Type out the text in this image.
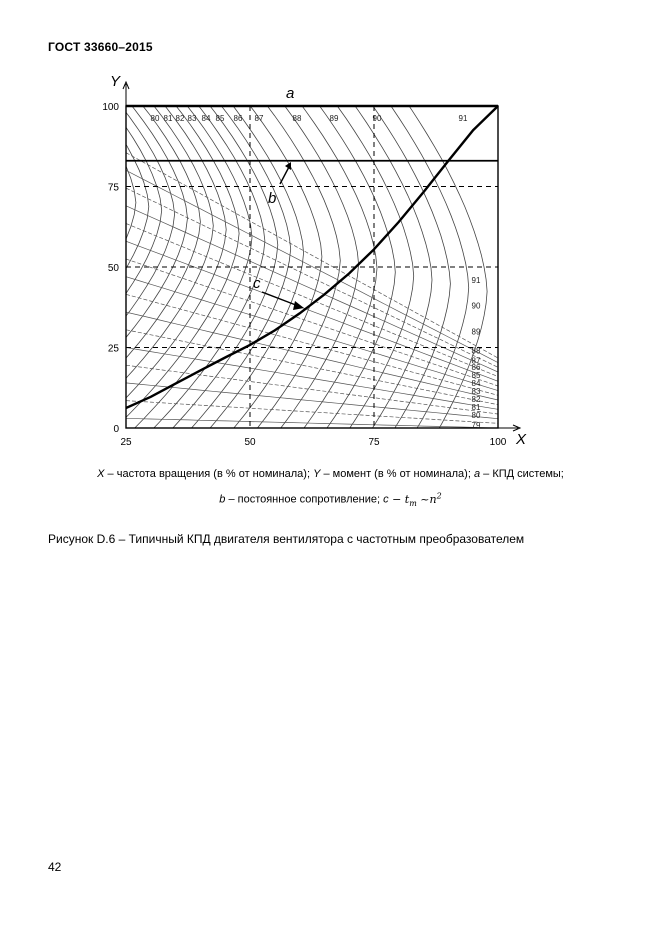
ГОСТ 33660–2015
a
b
c
80 81 82 83 84 85 86 87	88	89	90	91
91
90
89
88
87
86
85
84
83
82
81
80
79
0
25
50
75
100
25	50	75	100
Y
X
X – частота вращения (в % от номинала); Y – момент (в % от номинала); a – КПД системы;
b – постоянное сопротивление; $c - t_m$ $\sim n^2$
Рисунок D.6 – Типичный КПД двигателя вентилятора с частотным преобразователем
42
